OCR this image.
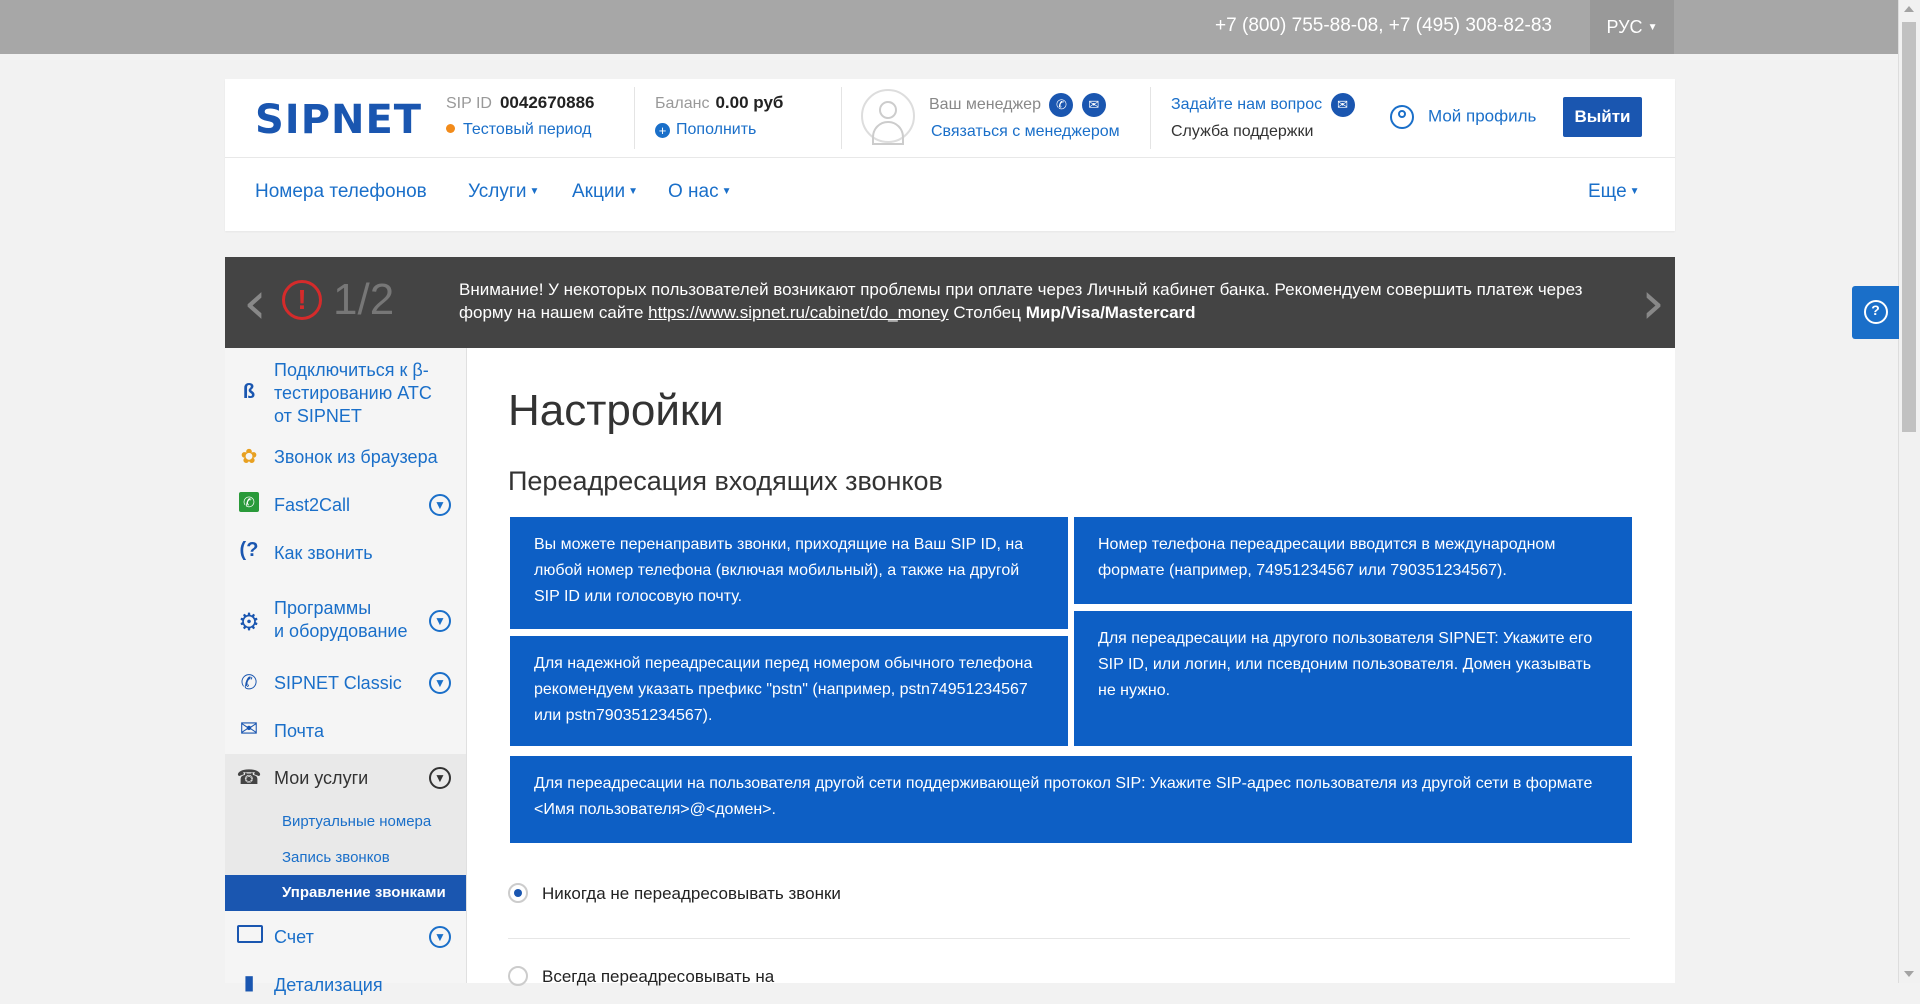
+7 (800) 755-88-08, +7 (495) 308-82-83	РУС ▼
SIPNET SIP ID 0042670886
Тестовый период
Баланс 0.00 руб
+ Пополнить
Ваш менеджер ✆ ✉
Связаться с менеджером
Задайте нам вопрос ✉
Служба поддержки
Мой профиль	Выйти
Номера телефонов Услуги ▼ Акции ▼ О нас ▼	Еще ▼
‹	! 1/2	Внимание! У некоторых пользователей возникают проблемы при оплате через Личный кабинет банка. Рекомендуем совершить платеж через форму на нашем сайте https://www.sipnet.ru/cabinet/do_money Столбец Мир/Visa/Mastercard	›
ß
Подключиться к β-тестированию АТС от SIPNET
✿ Звонок из браузера
✆ Fast2Call	▼
(? Как звонить
⚙
Программы
и оборудование	▼
✆ SIPNET Classic	▼
✉ Почта
☎ Мои услуги	▼
Виртуальные номера
Запись звонков
Управление звонками
Счет	▼
▮	Детализация
Настройки
Переадресация входящих звонков
Вы можете перенаправить звонки, приходящие на Ваш SIP ID, на любой номер телефона (включая мобильный), а также на другой SIP ID или голосовую почту.
Номер телефона переадресации вводится в международном формате (например, 74951234567 или 790351234567).
Для надежной переадресации перед номером обычного телефона рекомендуем указать префикс "pstn" (например, pstn74951234567 или pstn790351234567).
Для переадресации на другого пользователя SIPNET: Укажите его SIP ID, или логин, или псевдоним пользователя. Домен указывать не нужно.
Для переадресации на пользователя другой сети поддерживающей протокол SIP: Укажите SIP-адрес пользователя из другой сети в формате <Имя пользователя>@<домен>.
Никогда не переадресовывать звонки
Всегда переадресовывать на
?
